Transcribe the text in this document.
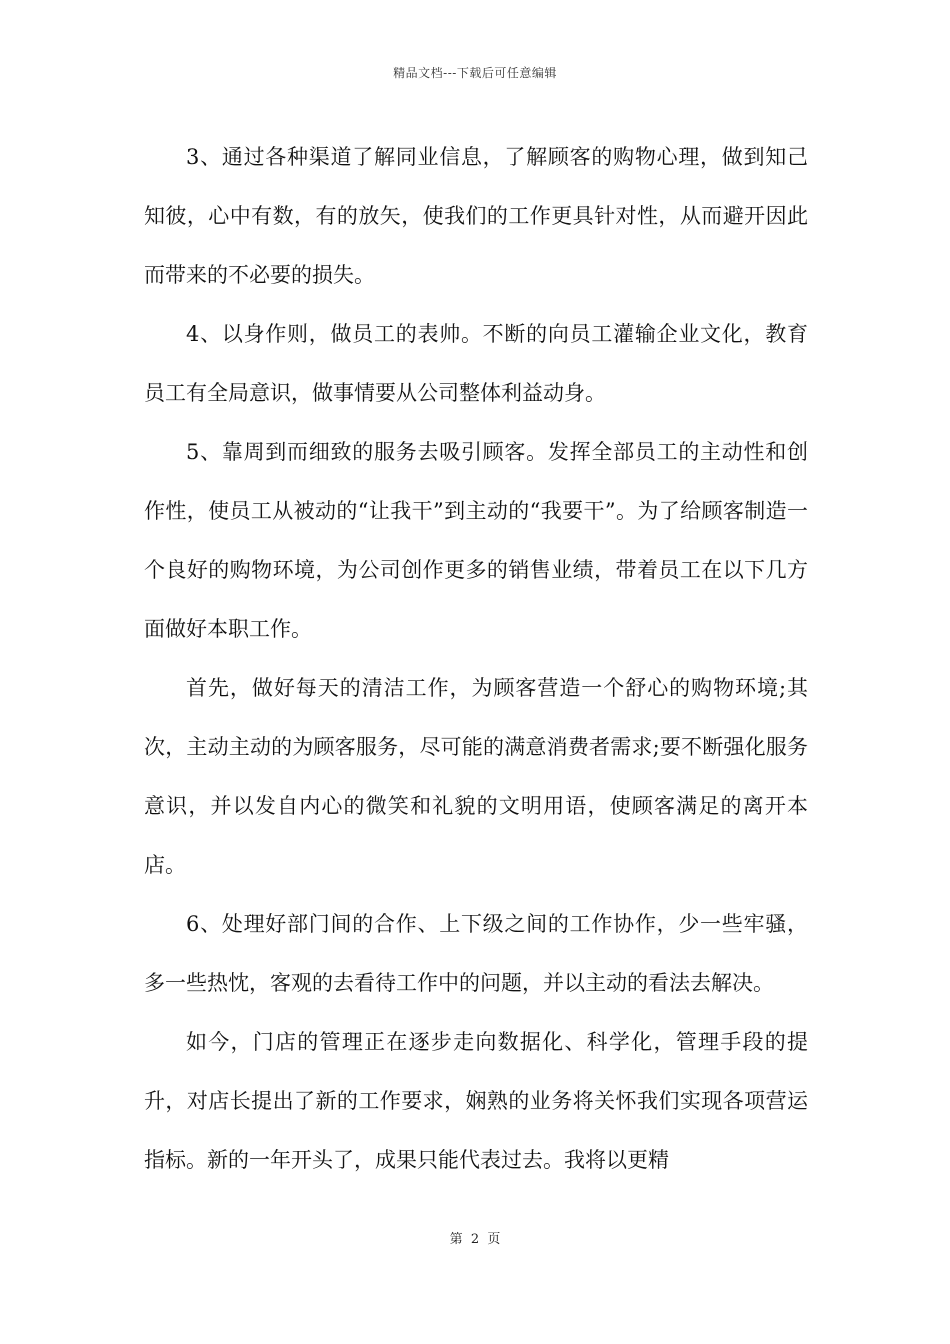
精品文档---下载后可任意编辑

3、通过各种渠道了解同业信息，了解顾客的购物心理，做到知己知彼，心中有数，有的放矢，使我们的工作更具针对性，从而避开因此而带来的不必要的损失。

4、以身作则，做员工的表帅。不断的向员工灌输企业文化，教育员工有全局意识，做事情要从公司整体利益动身。

5、靠周到而细致的服务去吸引顾客。发挥全部员工的主动性和创作性，使员工从被动的“让我干”到主动的“我要干”。为了给顾客制造一个良好的购物环境，为公司创作更多的销售业绩，带着员工在以下几方面做好本职工作。

首先，做好每天的清洁工作，为顾客营造一个舒心的购物环境;其次，主动主动的为顾客服务，尽可能的满意消费者需求;要不断强化服务意识，并以发自内心的微笑和礼貌的文明用语，使顾客满足的离开本店。

6、处理好部门间的合作、上下级之间的工作协作，少一些牢骚，多一些热忱，客观的去看待工作中的问题，并以主动的看法去解决。

如今，门店的管理正在逐步走向数据化、科学化，管理手段的提升，对店长提出了新的工作要求，娴熟的业务将关怀我们实现各项营运指标。新的一年开头了，成果只能代表过去。我将以更精

第  2  页
